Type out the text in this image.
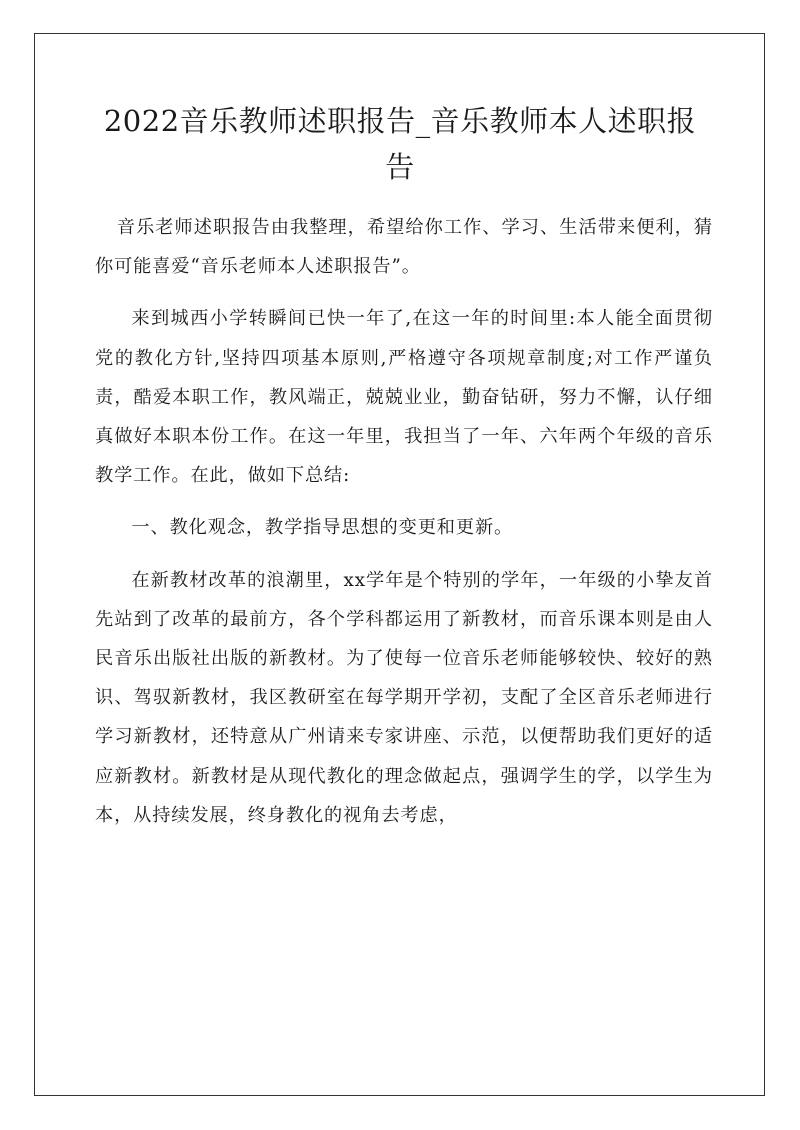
2022音乐教师述职报告_音乐教师本人述职报告

音乐老师述职报告由我整理，希望给你工作、学习、生活带来便利，猜你可能喜爱“音乐老师本人述职报告”。

来到城西小学转瞬间已快一年了,在这一年的时间里:本人能全面贯彻党的教化方针,坚持四项基本原则,严格遵守各项规章制度;对工作严谨负责，酷爱本职工作，教风端正，兢兢业业，勤奋钻研，努力不懈，认仔细真做好本职本份工作。在这一年里，我担当了一年、六年两个年级的音乐教学工作。在此，做如下总结:

一、教化观念，教学指导思想的变更和更新。

在新教材改革的浪潮里，xx学年是个特别的学年，一年级的小挚友首先站到了改革的最前方，各个学科都运用了新教材，而音乐课本则是由人民音乐出版社出版的新教材。为了使每一位音乐老师能够较快、较好的熟识、驾驭新教材，我区教研室在每学期开学初，支配了全区音乐老师进行学习新教材，还特意从广州请来专家讲座、示范，以便帮助我们更好的适应新教材。新教材是从现代教化的理念做起点，强调学生的学，以学生为本，从持续发展，终身教化的视角去考虑，
